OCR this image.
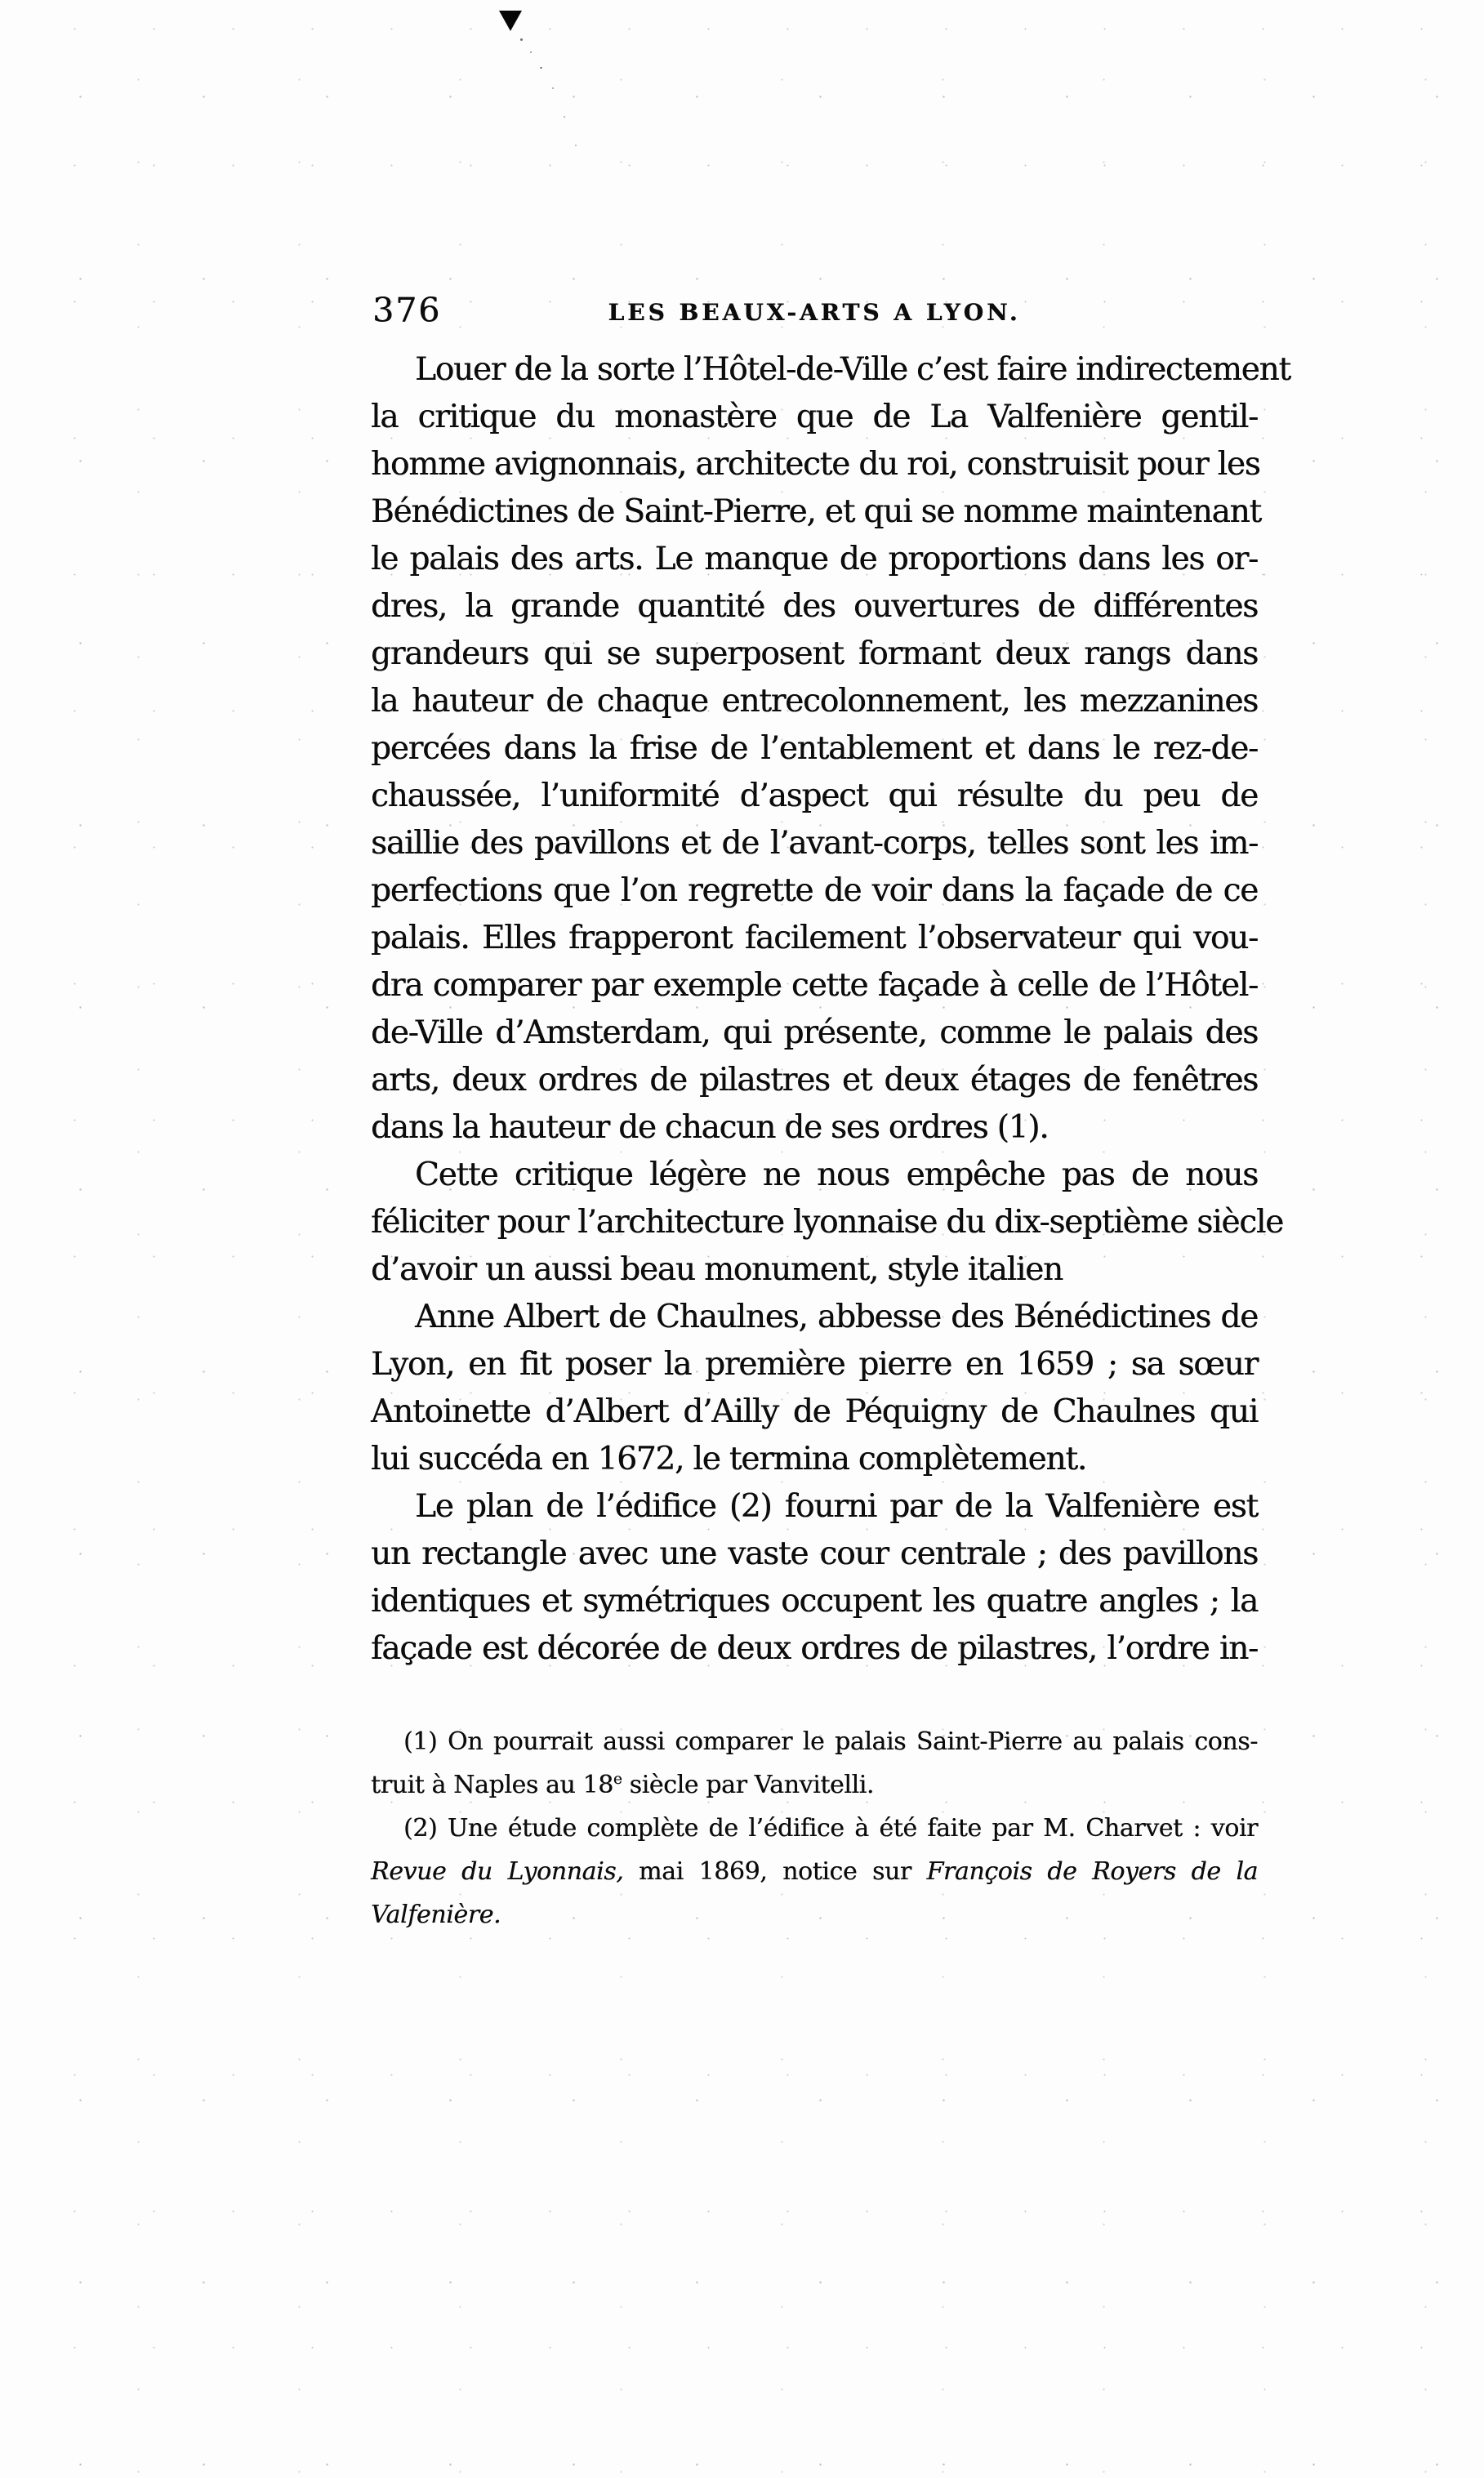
376	LES BEAUX-ARTS A LYON.
Louer de la sorte l’Hôtel-de-Ville c’est faire indirectement
la critique du monastère que de La Valfenière gentil-
homme avignonnais, architecte du roi, construisit pour les
Bénédictines de Saint-Pierre, et qui se nomme maintenant
le palais des arts. Le manque de proportions dans les or-
dres, la grande quantité des ouvertures de différentes
grandeurs qui se superposent formant deux rangs dans
la hauteur de chaque entrecolonnement, les mezzanines
percées dans la frise de l’entablement et dans le rez-de-
chaussée, l’uniformité d’aspect qui résulte du peu de
saillie des pavillons et de l’avant-corps, telles sont les im-
perfections que l’on regrette de voir dans la façade de ce
palais. Elles frapperont facilement l’observateur qui vou-
dra comparer par exemple cette façade à celle de l’Hôtel-
de-Ville d’Amsterdam, qui présente, comme le palais des
arts, deux ordres de pilastres et deux étages de fenêtres
dans la hauteur de chacun de ses ordres (1).
Cette critique légère ne nous empêche pas de nous
féliciter pour l’architecture lyonnaise du dix-septième siècle
d’avoir un aussi beau monument, style italien
Anne Albert de Chaulnes, abbesse des Bénédictines de
Lyon, en fit poser la première pierre en 1659 ; sa sœur
Antoinette d’Albert d’Ailly de Péquigny de Chaulnes qui
lui succéda en 1672, le termina complètement.
Le plan de l’édifice (2) fourni par de la Valfenière est
un rectangle avec une vaste cour centrale ; des pavillons
identiques et symétriques occupent les quatre angles ; la
façade est décorée de deux ordres de pilastres, l’ordre in-
(1) On pourrait aussi comparer le palais Saint-Pierre au palais cons-
truit à Naples au 18e siècle par Vanvitelli.
(2) Une étude complète de l’édifice à été faite par M. Charvet : voir
Revue du Lyonnais, mai 1869, notice sur François de Royers de la
Valfenière.
